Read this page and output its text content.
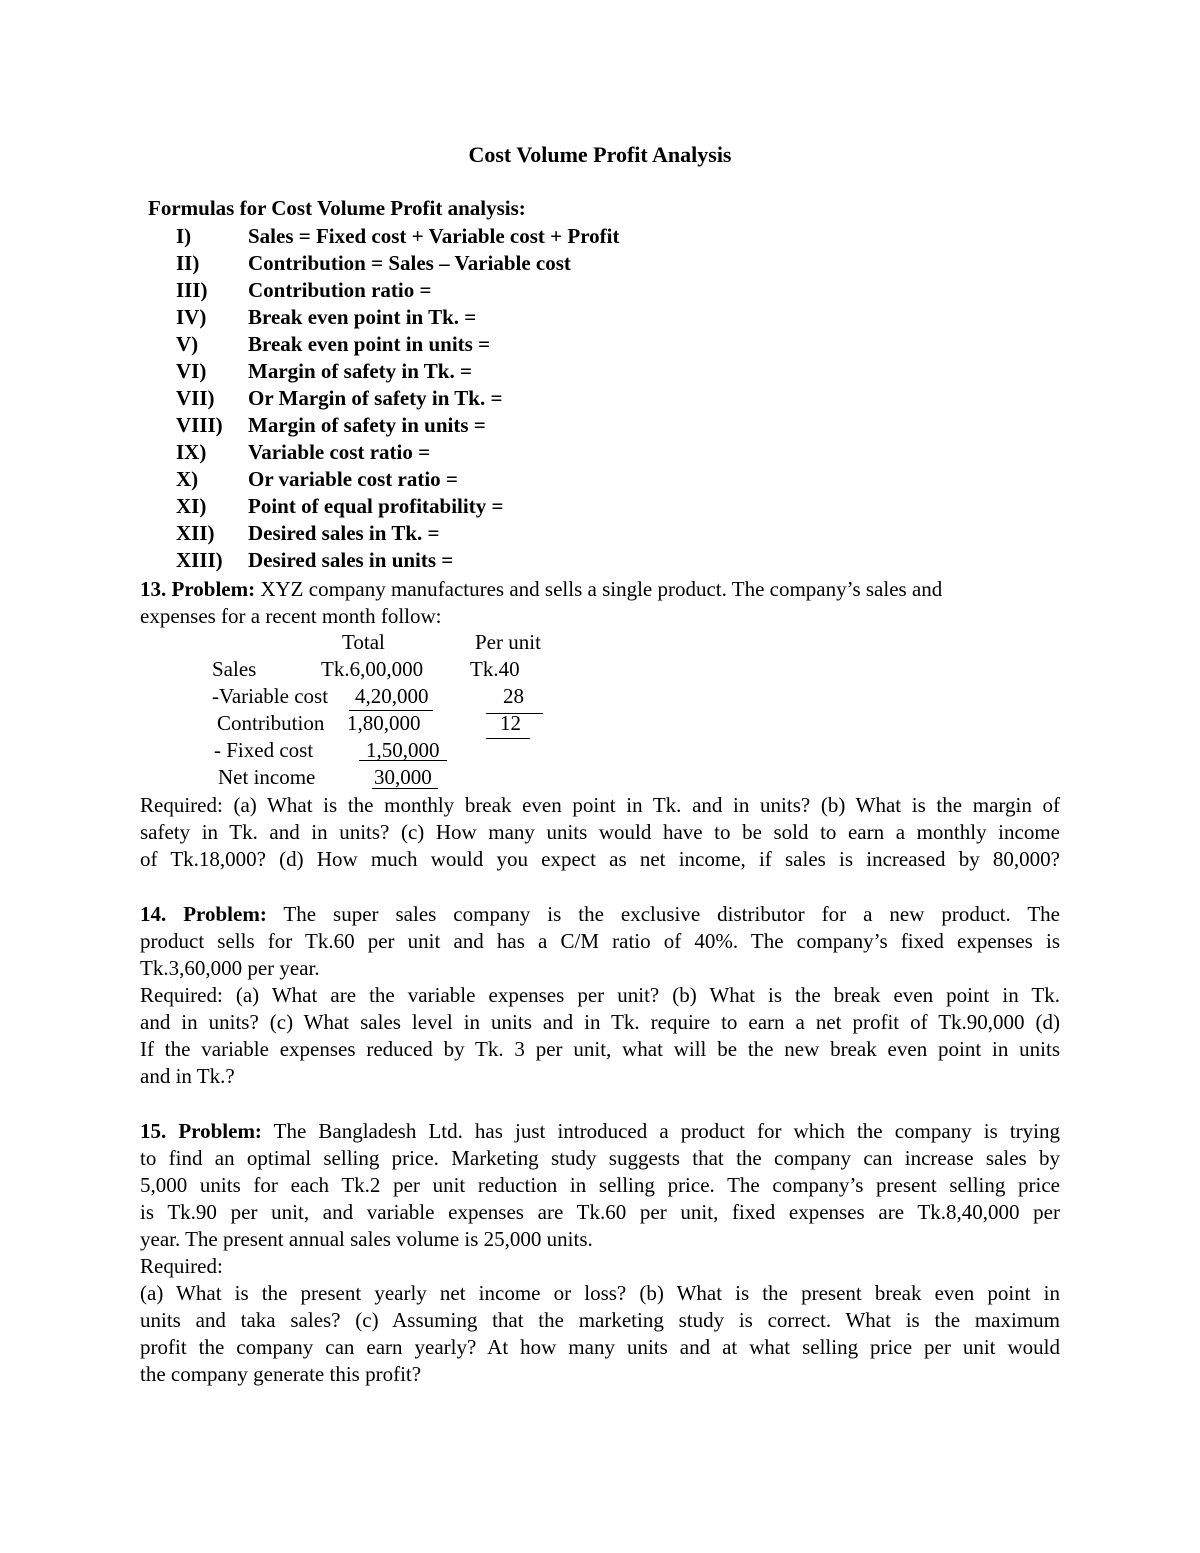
Cost Volume Profit Analysis
Formulas for Cost Volume Profit analysis:
I)	Sales = Fixed cost + Variable cost + Profit
II) Contribution = Sales – Variable cost
III) Contribution ratio =
IV) Break even point in Tk. =
V) Break even point in units =
VI) Margin of safety in Tk. =
VII) Or Margin of safety in Tk. =
VIII) Margin of safety in units =
IX) Variable cost ratio =
X) Or variable cost ratio =
XI) Point of equal profitability =
XII) Desired sales in Tk. =
XIII) Desired sales in units =
13. Problem: XYZ company manufactures and sells a single product. The company’s sales and
expenses for a recent month follow:
Total	Per unit
Sales	Tk.6,00,000 Tk.40
-Variable cost 4,20,000	28
Contribution 1,80,000	12
- Fixed cost	1,50,000
Net income	30,000
Required: (a) What is the monthly break even point in Tk. and in units? (b) What is the margin of
safety in Tk. and in units? (c) How many units would have to be sold to earn a monthly income
of Tk.18,000? (d) How much would you expect as net income, if sales is increased by 80,000?
14. Problem: The super sales company is the exclusive distributor for a new product. The
product sells for Tk.60 per unit and has a C/M ratio of 40%. The company’s fixed expenses is
Tk.3,60,000 per year.
Required: (a) What are the variable expenses per unit? (b) What is the break even point in Tk.
and in units? (c) What sales level in units and in Tk. require to earn a net profit of Tk.90,000 (d)
If the variable expenses reduced by Tk. 3 per unit, what will be the new break even point in units
and in Tk.?
15. Problem: The Bangladesh Ltd. has just introduced a product for which the company is trying
to find an optimal selling price. Marketing study suggests that the company can increase sales by
5,000 units for each Tk.2 per unit reduction in selling price. The company’s present selling price
is Tk.90 per unit, and variable expenses are Tk.60 per unit, fixed expenses are Tk.8,40,000 per
year. The present annual sales volume is 25,000 units.
Required:
(a) What is the present yearly net income or loss? (b) What is the present break even point in
units and taka sales? (c) Assuming that the marketing study is correct. What is the maximum
profit the company can earn yearly? At how many units and at what selling price per unit would
the company generate this profit?
